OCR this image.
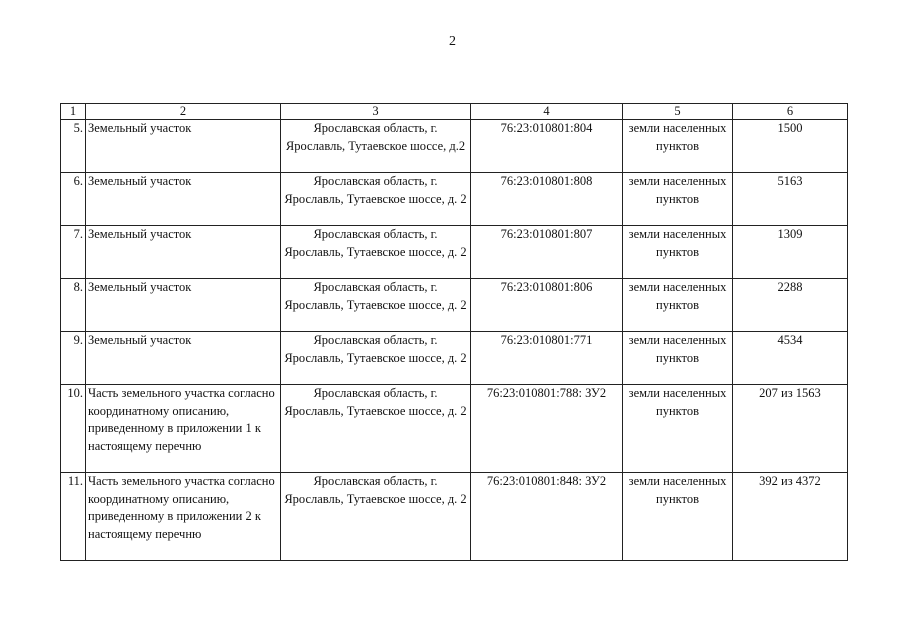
2
1	2	3	4	5	6
5.	Земельный участок	Ярославская область, г. Ярославль, Тутаевское шоссе, д.2	76:23:010801:804	земли населенных пунктов	1500
6.	Земельный участок	Ярославская область, г. Ярославль, Тутаевское шоссе, д. 2	76:23:010801:808	земли населенных пунктов	5163
7.	Земельный участок	Ярославская область, г. Ярославль, Тутаевское шоссе, д. 2	76:23:010801:807	земли населенных пунктов	1309
8.	Земельный участок	Ярославская область, г. Ярославль, Тутаевское шоссе, д. 2	76:23:010801:806	земли населенных пунктов	2288
9.	Земельный участок	Ярославская область, г. Ярославль, Тутаевское шоссе, д. 2	76:23:010801:771	земли населенных пунктов	4534
10.	Часть земельного участка согласно координатному описанию, приведенному в приложении 1 к настоящему перечню	Ярославская область, г. Ярославль, Тутаевское шоссе, д. 2	76:23:010801:788: ЗУ2	земли населенных пунктов	207 из 1563
11.	Часть земельного участка согласно координатному описанию, приведенному в приложении 2 к настоящему перечню	Ярославская область, г. Ярославль, Тутаевское шоссе, д. 2	76:23:010801:848: ЗУ2	земли населенных пунктов	392 из 4372
